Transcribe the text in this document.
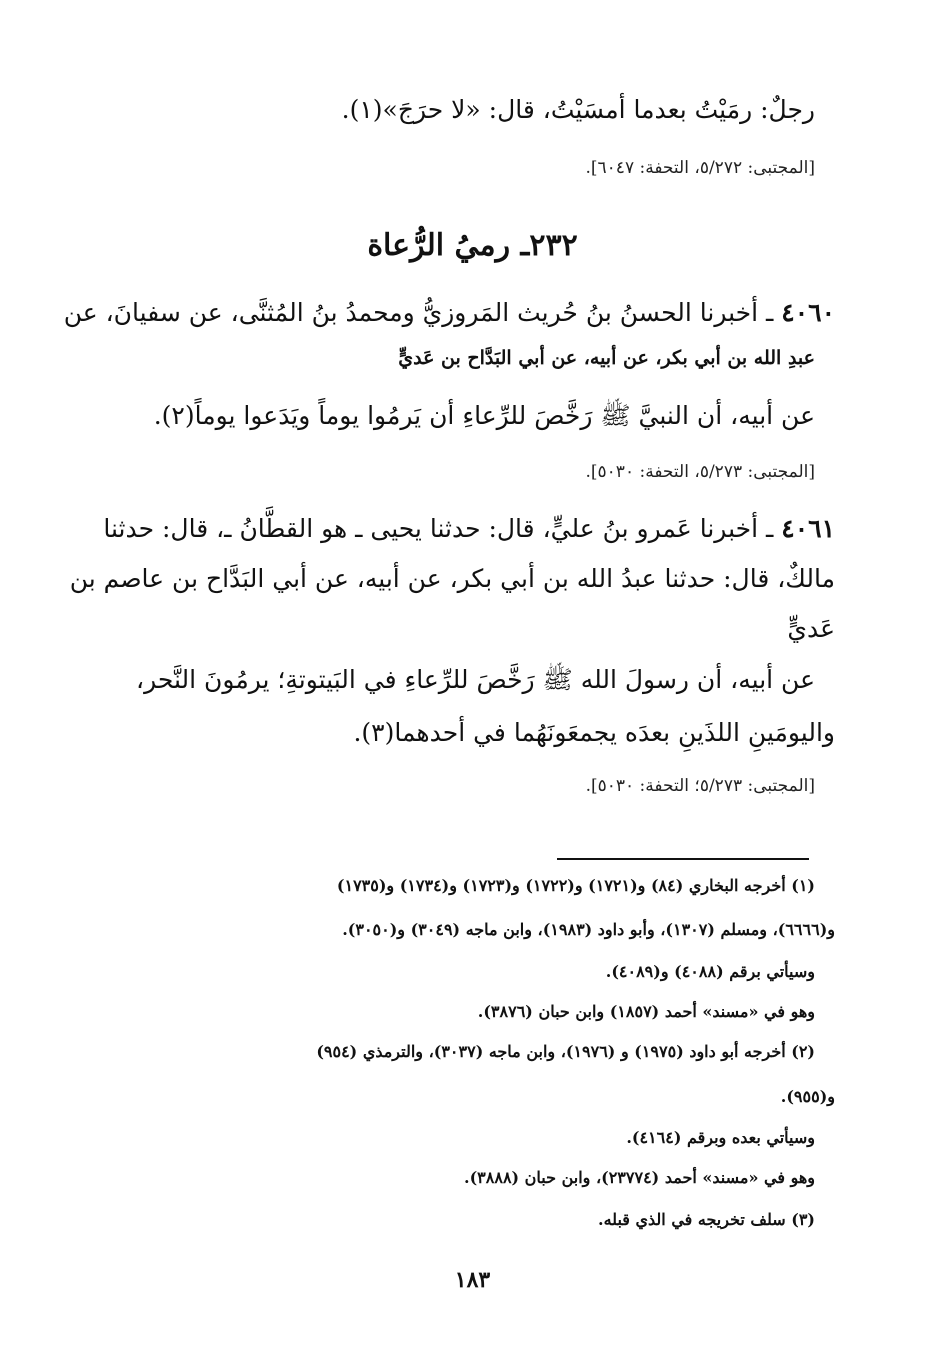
رجلٌ: رمَيْتُ بعدما أمسَيْتُ، قال: «لا حرَجَ»(١).
[المجتبى: ٥/٢٧٢، التحفة: ٦٠٤٧].
٢٣٢ـ رميُ الرُّعاة
٤٠٦٠ ـ أخبرنا الحسنُ بنُ حُريث المَروزيُّ ومحمدُ بنُ المُثنَّى، عن سفيانَ، عن
عبدِ الله بن أبي بكر، عن أبيه، عن أبي البَدَّاح بن عَديٍّ
عن أبيه، أن النبيَّ ﷺ رَخَّصَ للرِّعاءِ أن يَرمُوا يوماً ويَدَعوا يوماً(٢).
[المجتبى: ٥/٢٧٣، التحفة: ٥٠٣٠].
٤٠٦١ ـ أخبرنا عَمرو بنُ عليٍّ، قال: حدثنا يحيى ـ هو القطَّانُ ـ، قال: حدثنا
مالكٌ، قال: حدثنا عبدُ الله بن أبي بكر، عن أبيه، عن أبي البَدَّاح بن عاصم بن
عَديٍّ
عن أبيه، أن رسولَ الله ﷺ رَخَّصَ للرِّعاءِ في البَيتوتةِ؛ يرمُونَ النَّحر،
واليومَينِ اللذَينِ بعدَه يجمعَونَهُما في أحدهما(٣).
[المجتبى: ٥/٢٧٣؛ التحفة: ٥٠٣٠].
(١) أخرجه البخاري (٨٤) و(١٧٢١) و(١٧٢٢) و(١٧٢٣) و(١٧٣٤) و(١٧٣٥)
و(٦٦٦٦)، ومسلم (١٣٠٧)، وأبو داود (١٩٨٣)، وابن ماجه (٣٠٤٩) و(٣٠٥٠).
وسيأتي برقم (٤٠٨٨) و(٤٠٨٩).
وهو في «مسند» أحمد (١٨٥٧) وابن حبان (٣٨٧٦).
(٢) أخرجه أبو داود (١٩٧٥) و (١٩٧٦)، وابن ماجه (٣٠٣٧)، والترمذي (٩٥٤)
و(٩٥٥).
وسيأتي بعده وبرقم (٤١٦٤).
وهو في «مسند» أحمد (٢٣٧٧٤)، وابن حبان (٣٨٨٨).
(٣) سلف تخريجه في الذي قبله.
١٨٣
